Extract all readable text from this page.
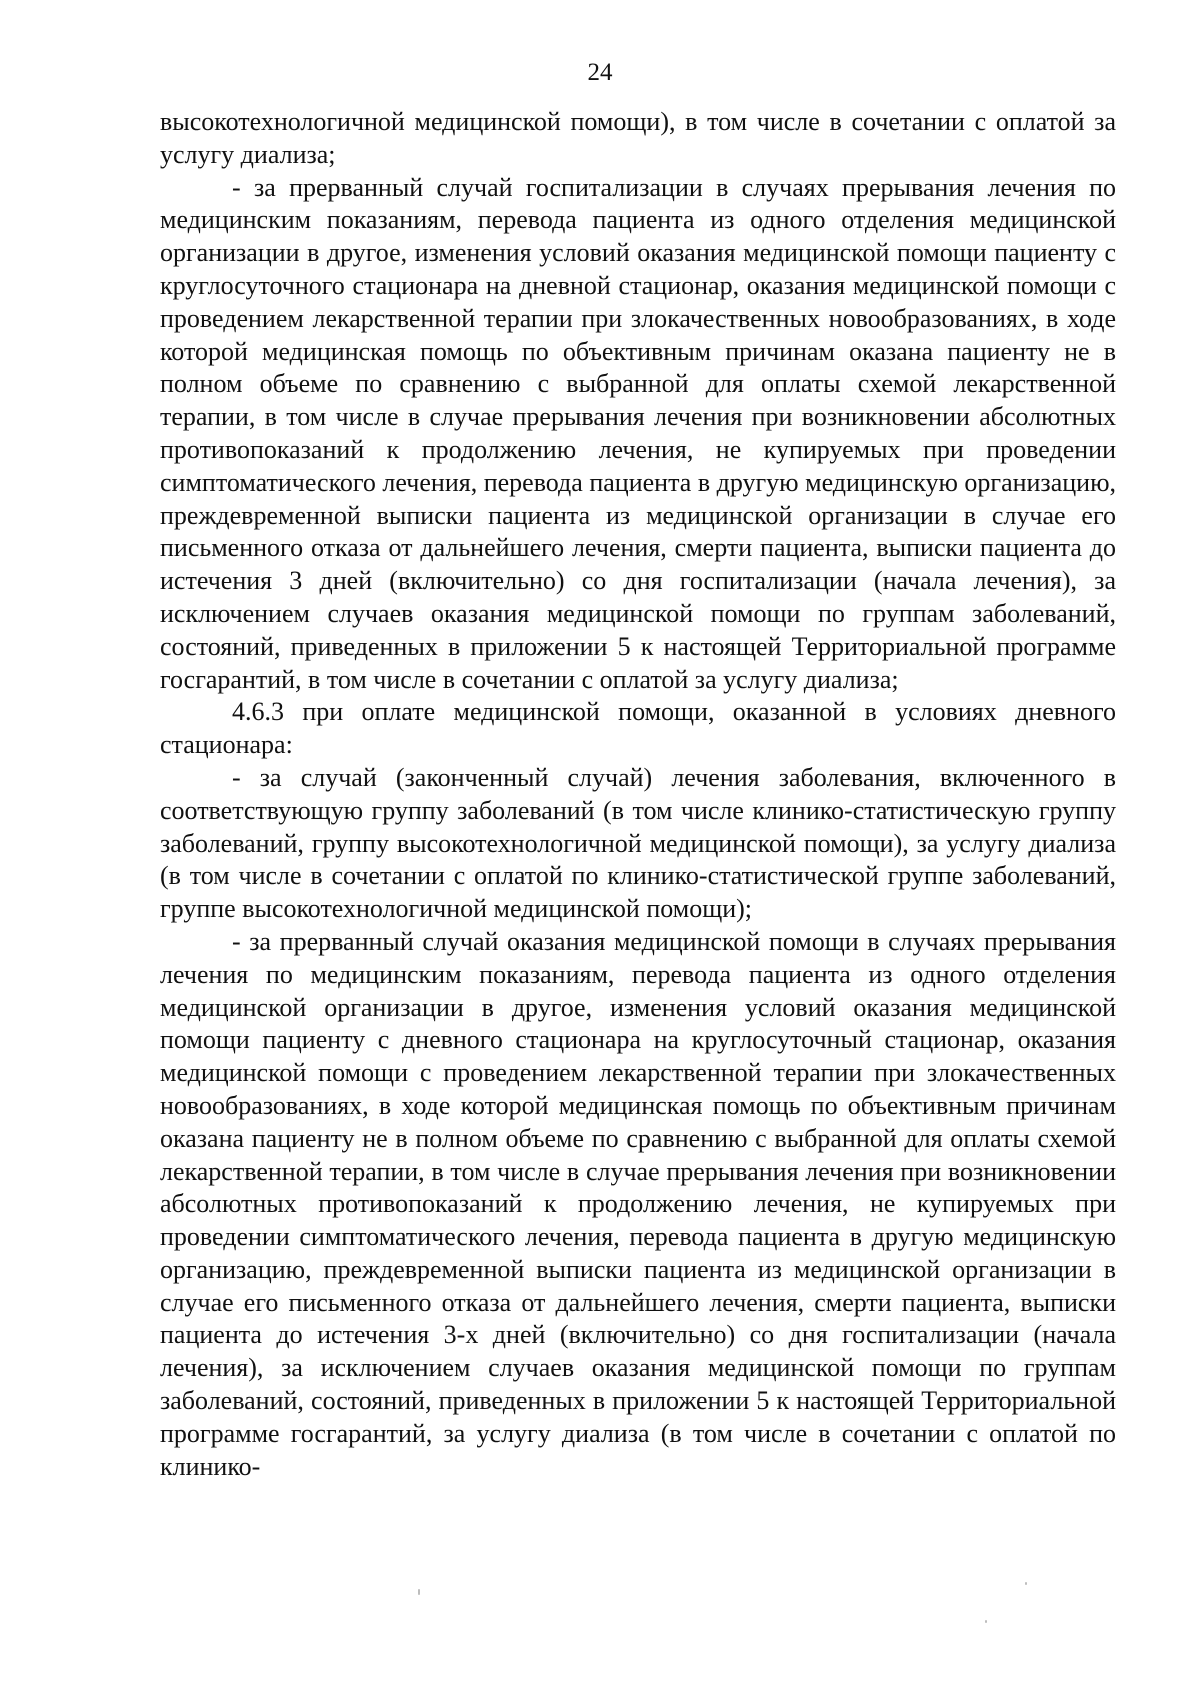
24

высокотехнологичной медицинской помощи), в том числе в сочетании с оплатой за услугу диализа;

- за прерванный случай госпитализации в случаях прерывания лечения по медицинским показаниям, перевода пациента из одного отделения медицинской организации в другое, изменения условий оказания медицинской помощи пациенту с круглосуточного стационара на дневной стационар, оказания медицинской помощи с проведением лекарственной терапии при злокачественных новообразованиях, в ходе которой медицинская помощь по объективным причинам оказана пациенту не в полном объеме по сравнению с выбранной для оплаты схемой лекарственной терапии, в том числе в случае прерывания лечения при возникновении абсолютных противопоказаний к продолжению лечения, не купируемых при проведении симптоматического лечения, перевода пациента в другую медицинскую организацию, преждевременной выписки пациента из медицинской организации в случае его письменного отказа от дальнейшего лечения, смерти пациента, выписки пациента до истечения 3 дней (включительно) со дня госпитализации (начала лечения), за исключением случаев оказания медицинской помощи по группам заболеваний, состояний, приведенных в приложении 5 к настоящей Территориальной программе госгарантий, в том числе в сочетании с оплатой за услугу диализа;

4.6.3 при оплате медицинской помощи, оказанной в условиях дневного стационара:

- за случай (законченный случай) лечения заболевания, включенного в соответствующую группу заболеваний (в том числе клинико-статистическую группу заболеваний, группу высокотехнологичной медицинской помощи), за услугу диализа (в том числе в сочетании с оплатой по клинико-статистической группе заболеваний, группе высокотехнологичной медицинской помощи);

- за прерванный случай оказания медицинской помощи в случаях прерывания лечения по медицинским показаниям, перевода пациента из одного отделения медицинской организации в другое, изменения условий оказания медицинской помощи пациенту с дневного стационара на круглосуточный стационар, оказания медицинской помощи с проведением лекарственной терапии при злокачественных новообразованиях, в ходе которой медицинская помощь по объективным причинам оказана пациенту не в полном объеме по сравнению с выбранной для оплаты схемой лекарственной терапии, в том числе в случае прерывания лечения при возникновении абсолютных противопоказаний к продолжению лечения, не купируемых при проведении симптоматического лечения, перевода пациента в другую медицинскую организацию, преждевременной выписки пациента из медицинской организации в случае его письменного отказа от дальнейшего лечения, смерти пациента, выписки пациента до истечения 3-х дней (включительно) со дня госпитализации (начала лечения), за исключением случаев оказания медицинской помощи по группам заболеваний, состояний, приведенных в приложении 5 к настоящей Территориальной программе госгарантий, за услугу диализа (в том числе в сочетании с оплатой по клинико-
